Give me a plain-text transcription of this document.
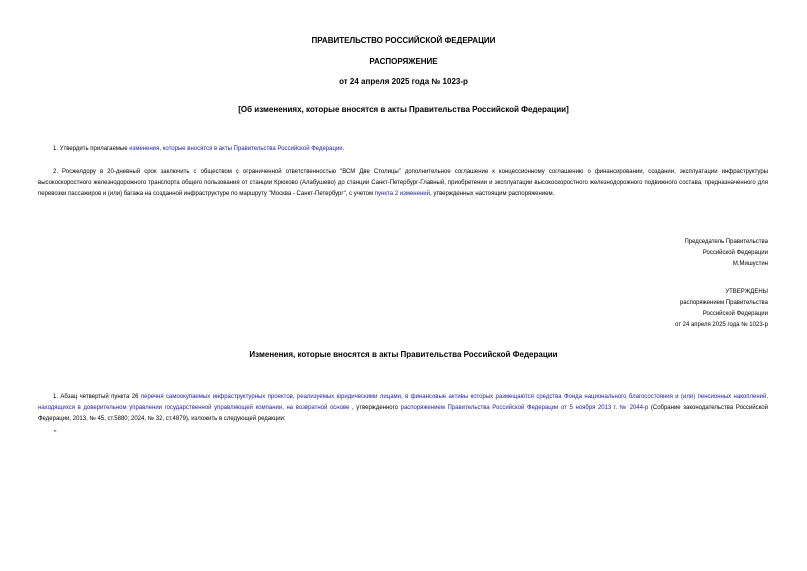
ПРАВИТЕЛЬСТВО РОССИЙСКОЙ ФЕДЕРАЦИИ
РАСПОРЯЖЕНИЕ
от 24 апреля 2025 года № 1023-р
[Об изменениях, которые вносятся в акты Правительства Российской Федерации]
1. Утвердить прилагаемые изменения, которые вносятся в акты Правительства Российской Федерации.
2. Росжелдору в 20-дневный срок заключить с обществом с ограниченной ответственностью "ВСМ Две Столицы" дополнительное соглашение к концессионному соглашению о финансировании, создании, эксплуатации инфраструктуры высокоскоростного железнодорожного транспорта общего пользования от станции Крюково (Алабушево) до станции Санкт-Петербург-Главный, приобретении и эксплуатации высокоскоростного железнодорожного подвижного состава, предназначенного для перевозки пассажиров и (или) багажа на созданной инфраструктуре по маршруту "Москва - Санкт-Петербург", с учетом пункта 2 изменений, утвержденных настоящим распоряжением.
Председатель Правительства
Российской Федерации
М.Мишустин
УТВЕРЖДЕНЫ
распоряжением Правительства
Российской Федерации
от 24 апреля 2025 года № 1023-р
Изменения, которые вносятся в акты Правительства Российской Федерации
1. Абзац четвертый пункта 26 перечня самоокупаемых инфраструктурных проектов, реализуемых юридическими лицами, в финансовые активы которых размещаются средства Фонда национального благосостояния и (или) пенсионных накоплений, находящихся в доверительном управлении государственной управляющей компании, на возвратной основе , утвержденного распоряжением Правительства Российской Федерации от 5 ноября 2013 г. № 2044-р (Собрание законодательства Российской Федерации, 2013, № 45, ст.5880; 2024, № 32, ст.4879), изложить в следующей редакции:
"
